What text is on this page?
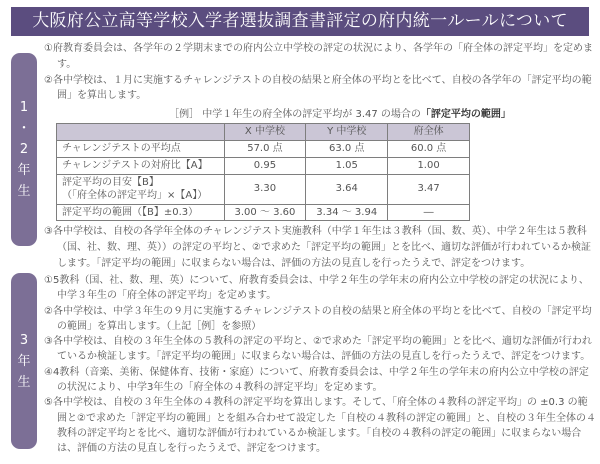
大阪府公立高等学校入学者選抜調査書評定の府内統一ルールについて
1
・
2
年
生

①府教育委員会は、各学年の２学期末までの府内公立中学校の評定の状況により、各学年の「府全体の評定平均」を定めます。

②各中学校は、１月に実施するチャレンジテストの自校の結果と府全体の平均とを比べて、自校の各学年の「評定平均の範囲」を算出します。

［例］ 中学１年生の府全体の評定平均が 3.47 の場合の「評定平均の範囲」
	X 中学校	Y 中学校	府全体
チャレンジテストの平均点	57.0 点	63.0 点	60.0 点
チャレンジテストの対府比【A】	0.95	1.05	1.00

評定平均の目安【B】
（「府全体の評定平均」×【A】）	3.30	3.64	3.47
評定平均の範囲（【B】±0.3）	3.00 ～ 3.60	3.34 ～ 3.94	―

③各中学校は、自校の各学年全体のチャレンジテスト実施教科（中学１年生は３教科（国、数、英）、中学２年生は５教科（国、社、数、理、英））の評定の平均と、②で求めた「評定平均の範囲」とを比べ、適切な評価が行われているか検証します。「評定平均の範囲」に収まらない場合は、評価の方法の見直しを行ったうえで、評定をつけます。

3
年
生

①5教科（国、社、数、理、英）について、府教育委員会は、中学２年生の学年末の府内公立中学校の評定の状況により、中学３年生の「府全体の評定平均」を定めます。

②各中学校は、中学３年生の９月に実施するチャレンジテストの自校の結果と府全体の平均とを比べて、自校の「評定平均の範囲」を算出します。（上記［例］を参照）

③各中学校は、自校の３年生全体の５教科の評定の平均と、②で求めた「評定平均の範囲」とを比べ、適切な評価が行われているか検証します。「評定平均の範囲」に収まらない場合は、評価の方法の見直しを行ったうえで、評定をつけます。

④4教科（音楽、美術、保健体育、技術・家庭）について、府教育委員会は、中学２年生の学年末の府内公立中学校の評定の状況により、中学3年生の「府全体の４教科の評定平均」を定めます。

⑤各中学校は、自校の３年生全体の４教科の評定平均を算出します。そして、「府全体の４教科の評定平均」の ±0.3 の範囲と②で求めた「評定平均の範囲」とを組み合わせて設定した「自校の４教科の評定の範囲」と、自校の３年生全体の４教科の評定平均とを比べ、適切な評価が行われているか検証します。「自校の４教科の評定の範囲」に収まらない場合は、評価の方法の見直しを行ったうえで、評定をつけます。
